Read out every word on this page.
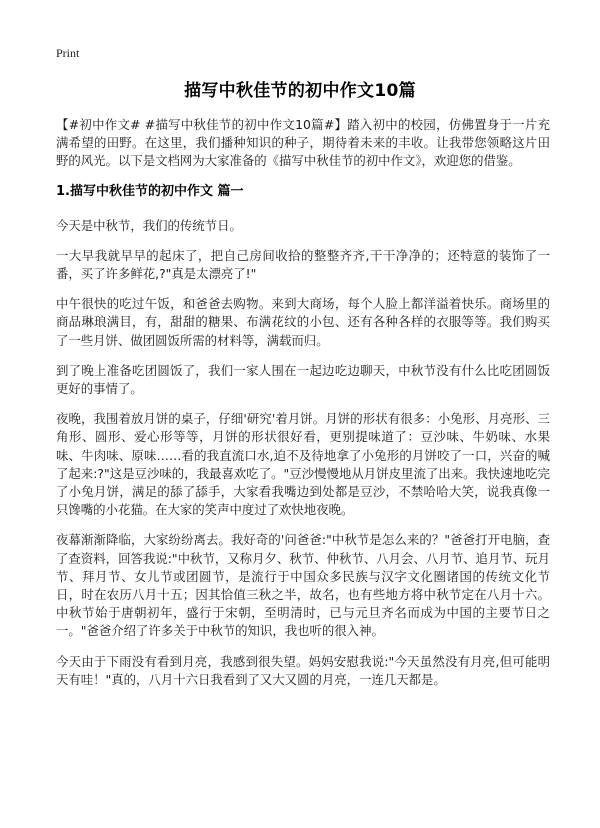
Print
描写中秋佳节的初中作文10篇

【#初中作文# #描写中秋佳节的初中作文10篇#】踏入初中的校园，仿佛置身于一片充满希望的田野。在这里，我们播种知识的种子，期待着未来的丰收。让我带您领略这片田野的风光。以下是文档网为大家准备的《描写中秋佳节的初中作文》，欢迎您的借鉴。

1.描写中秋佳节的初中作文 篇一

今天是中秋节，我们的传统节日。

一大早我就早早的起床了，把自己房间收拾的整整齐齐,干干净净的；还特意的装饰了一番，买了许多鲜花,?"真是太漂亮了!"

中午很快的吃过午饭，和爸爸去购物。来到大商场，每个人脸上都洋溢着快乐。商场里的商品琳琅满目，有，甜甜的糖果、布满花纹的小包、还有各种各样的衣服等等。我们购买了一些月饼、做团圆饭所需的材料等，满载而归。

到了晚上准备吃团圆饭了，我们一家人围在一起边吃边聊天，中秋节没有什么比吃团圆饭更好的事情了。

夜晚，我围着放月饼的桌子，仔细'研究'着月饼。月饼的形状有很多：小兔形、月亮形、三角形、圆形、爱心形等等，月饼的形状很好看，更别提味道了：豆沙味、牛奶味、水果味、牛肉味、原味……看的我直流口水,迫不及待地拿了小兔形的月饼咬了一口，兴奋的喊了起来:?"这是豆沙味的，我最喜欢吃了。"豆沙慢慢地从月饼皮里流了出来。我快速地吃完了小兔月饼，满足的舔了舔手，大家看我嘴边到处都是豆沙，不禁哈哈大笑，说我真像一只馋嘴的小花猫。在大家的笑声中度过了欢快地夜晚。

夜幕渐渐降临，大家纷纷离去。我好奇的'问爸爸:"中秋节是怎么来的？"爸爸打开电脑，查了查资料，回答我说:"中秋节，又称月夕、秋节、仲秋节、八月会、八月节、追月节、玩月节、拜月节、女儿节或团圆节，是流行于中国众多民族与汉字文化圈诸国的传统文化节日，时在农历八月十五；因其恰值三秋之半，故名，也有些地方将中秋节定在八月十六。中秋节始于唐朝初年，盛行于宋朝，至明清时，已与元旦齐名而成为中国的主要节日之一。"爸爸介绍了许多关于中秋节的知识，我也听的很入神。

今天由于下雨没有看到月亮，我感到很失望。妈妈安慰我说:"今天虽然没有月亮,但可能明天有哇！"真的，八月十六日我看到了又大又圆的月亮，一连几天都是。
